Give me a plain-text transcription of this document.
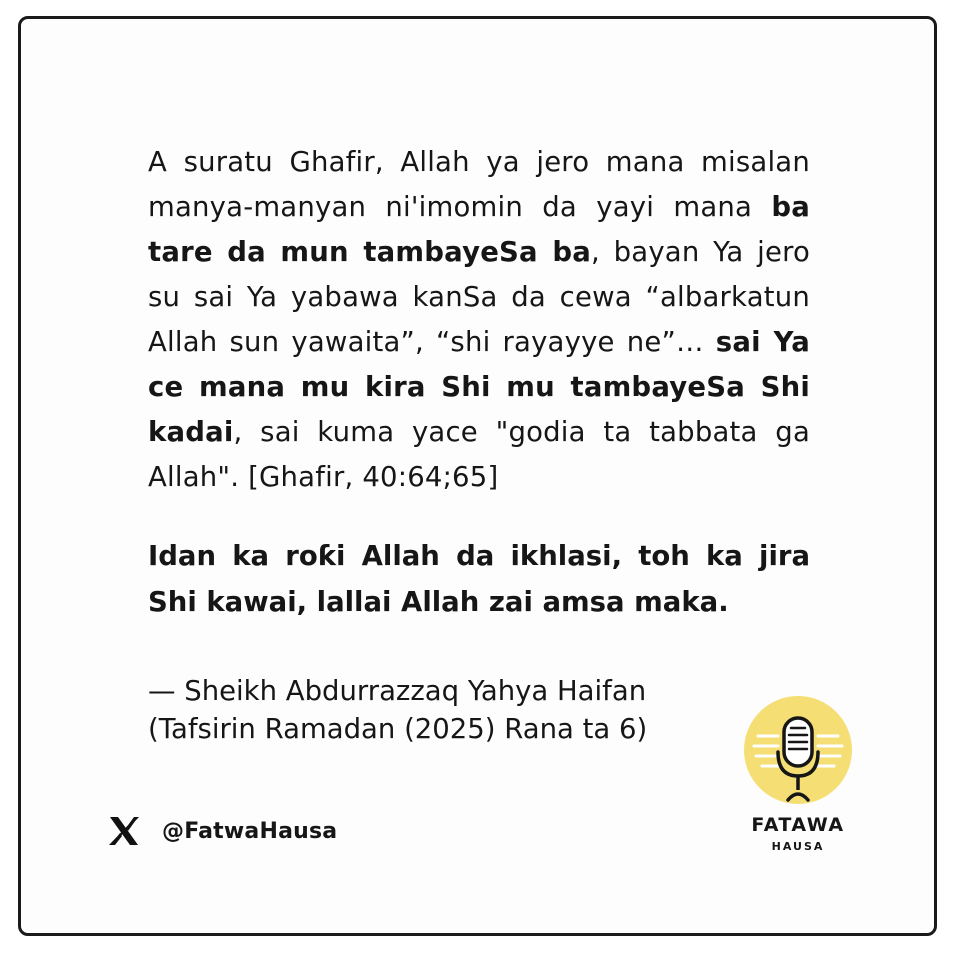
A suratu Ghafir, Allah ya jero mana misalan manya-manyan ni'imomin da yayi mana ba tare da mun tambayeSa ba, bayan Ya jero su sai Ya yabawa kanSa da cewa “albarkatun Allah sun yawaita”, “shi rayayye ne”… sai Ya ce mana mu kira Shi mu tambayeSa Shi kadai, sai kuma yace "godia ta tabbata ga Allah". [Ghafir, 40:64;65]

Idan ka roƙi Allah da ikhlasi, toh ka jira Shi kawai, lallai Allah zai amsa maka.

— Sheikh Abdurrazzaq Yahya Haifan
(Tafsirin Ramadan (2025) Rana ta 6)
@FatwaHausa	FATAWA
HAUSA
